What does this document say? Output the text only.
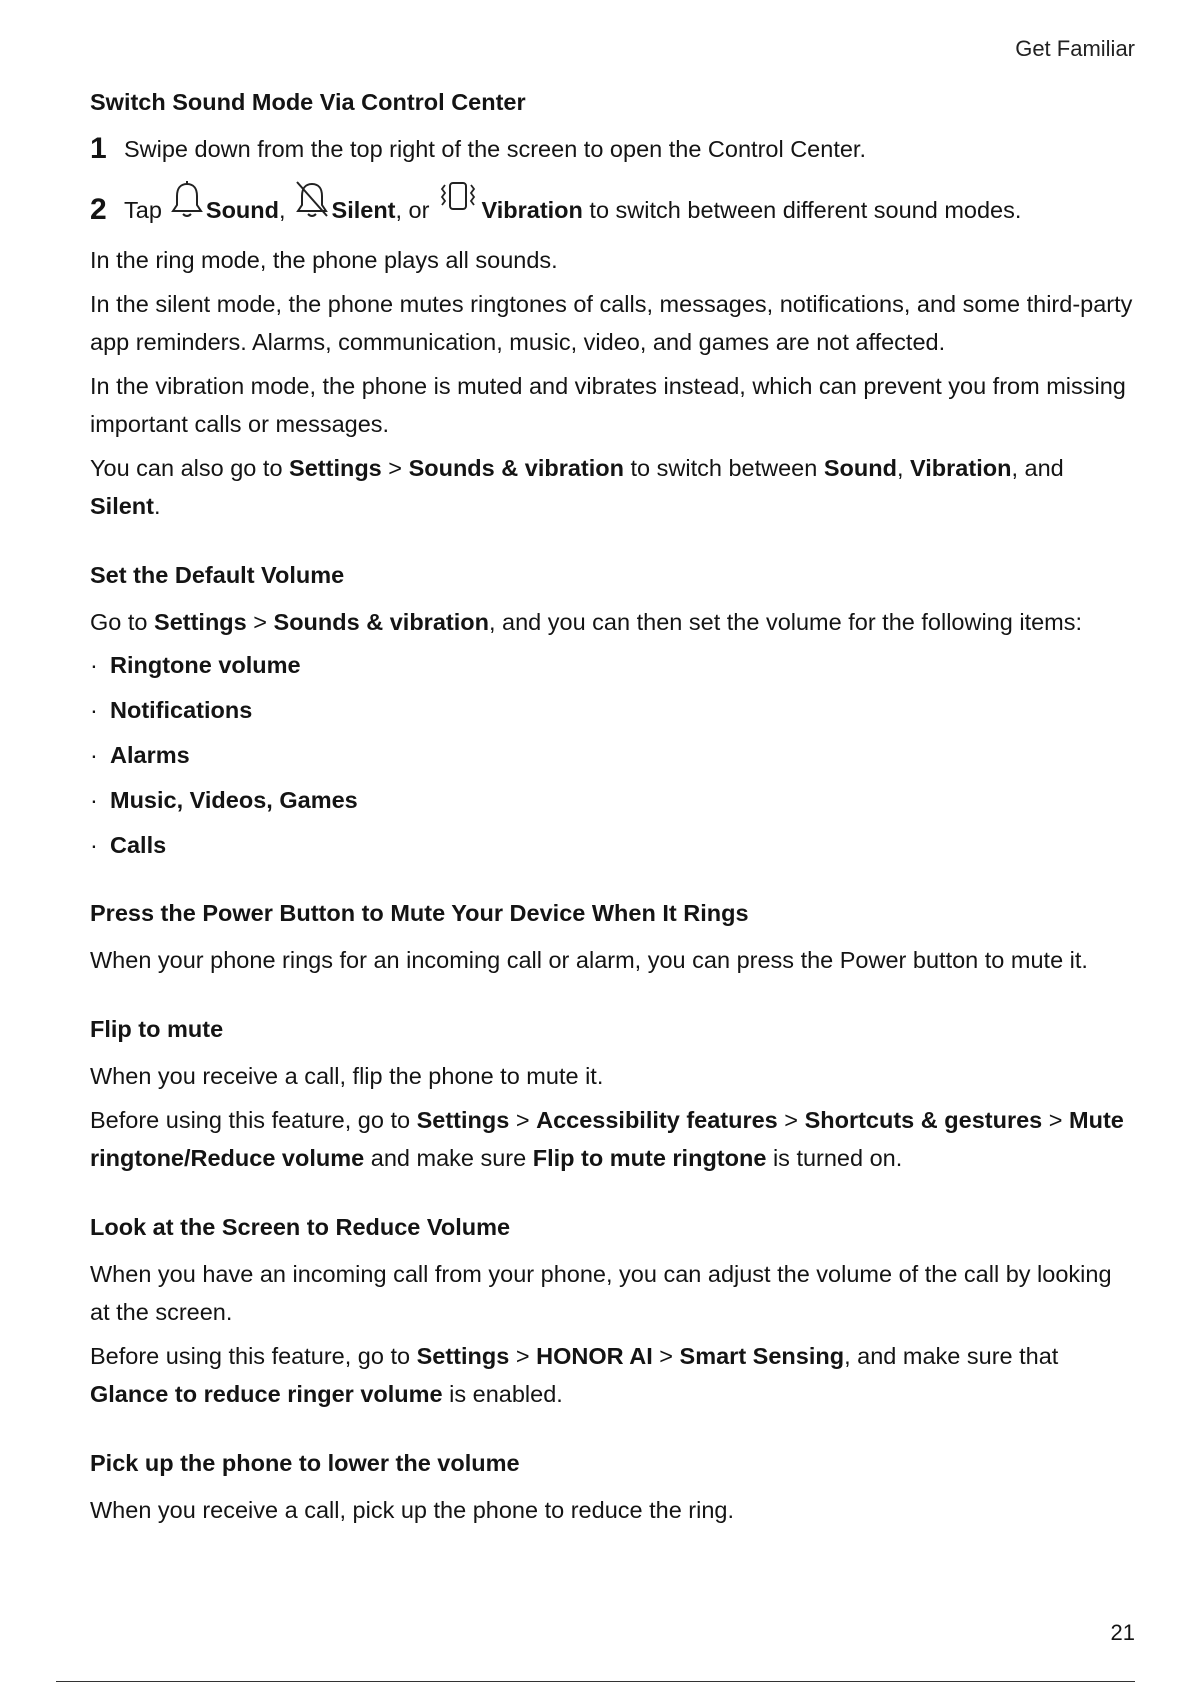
Get Familiar
Switch Sound Mode Via Control Center
1 Swipe down from the top right of the screen to open the Control Center.
2 Tap Sound, Silent, or Vibration to switch between different sound modes.

In the ring mode, the phone plays all sounds.

In the silent mode, the phone mutes ringtones of calls, messages, notifications, and some third-party app reminders. Alarms, communication, music, video, and games are not affected.

In the vibration mode, the phone is muted and vibrates instead, which can prevent you from missing important calls or messages.

You can also go to Settings > Sounds & vibration to switch between Sound, Vibration, and Silent.

Set the Default Volume

Go to Settings > Sounds & vibration, and you can then set the volume for the following items:

· Ringtone volume
· Notifications
· Alarms
· Music, Videos, Games
· Calls
Press the Power Button to Mute Your Device When It Rings

When your phone rings for an incoming call or alarm, you can press the Power button to mute it.

Flip to mute

When you receive a call, flip the phone to mute it.

Before using this feature, go to Settings > Accessibility features > Shortcuts & gestures > Mute ringtone/Reduce volume and make sure Flip to mute ringtone is turned on.

Look at the Screen to Reduce Volume

When you have an incoming call from your phone, you can adjust the volume of the call by looking at the screen.

Before using this feature, go to Settings > HONOR AI > Smart Sensing, and make sure that Glance to reduce ringer volume is enabled.

Pick up the phone to lower the volume

When you receive a call, pick up the phone to reduce the ring.

21
